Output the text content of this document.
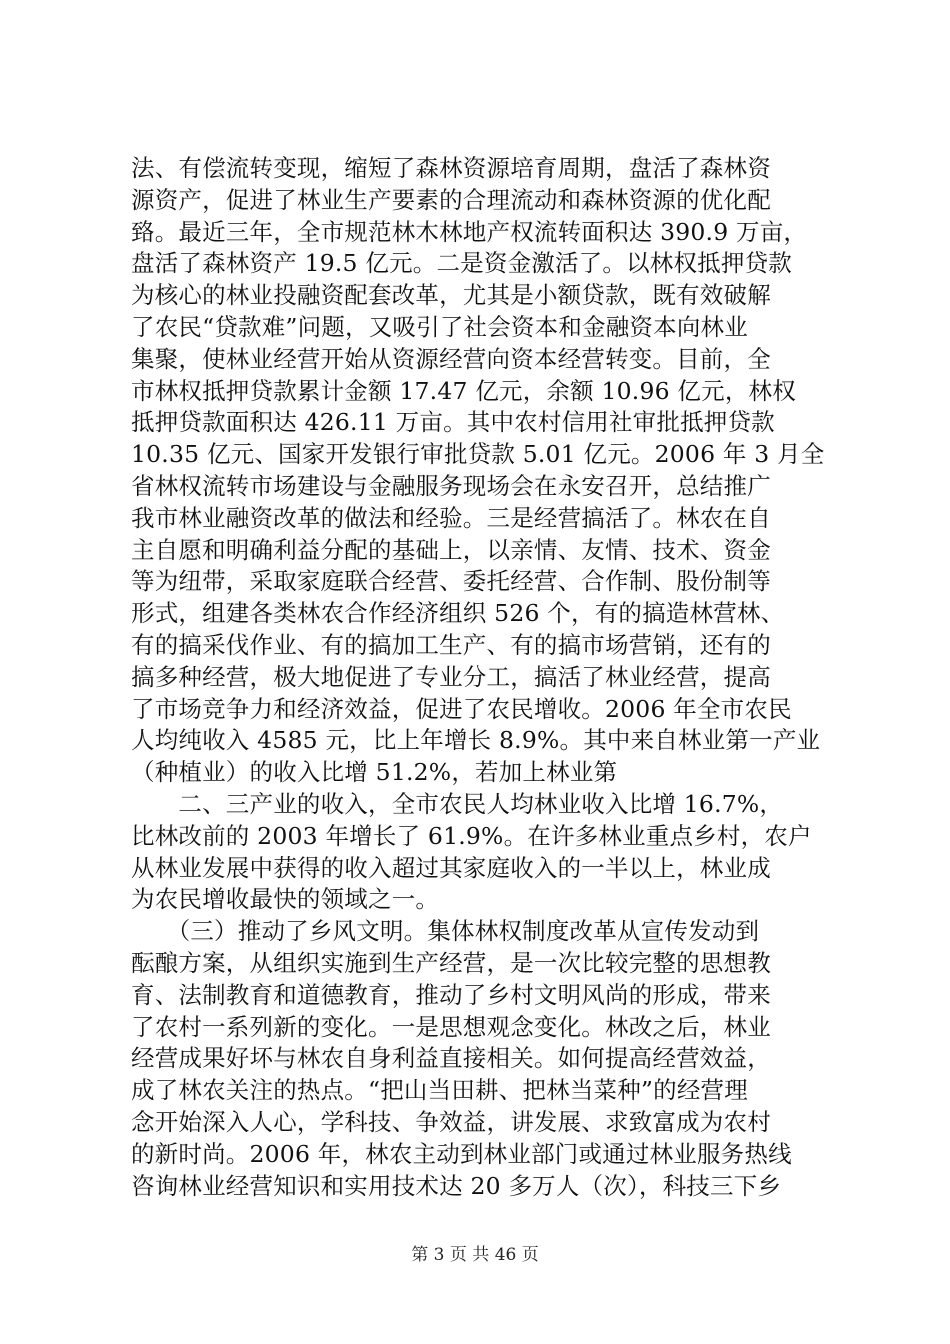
法、有偿流转变现，缩短了森林资源培育周期，盘活了森林资
源资产，促进了林业生产要素的合理流动和森林资源的优化配
臵。最近三年，全市规范林木林地产权流转面积达 390.9 万亩，
盘活了森林资产 19.5 亿元。二是资金激活了。以林权抵押贷款
为核心的林业投融资配套改革，尤其是小额贷款，既有效破解
了农民“贷款难”问题，又吸引了社会资本和金融资本向林业
集聚，使林业经营开始从资源经营向资本经营转变。目前，全
市林权抵押贷款累计金额 17.47 亿元，余额 10.96 亿元，林权
抵押贷款面积达 426.11 万亩。其中农村信用社审批抵押贷款
10.35 亿元、国家开发银行审批贷款 5.01 亿元。2006 年 3 月全
省林权流转市场建设与金融服务现场会在永安召开，总结推广
我市林业融资改革的做法和经验。三是经营搞活了。林农在自
主自愿和明确利益分配的基础上，以亲情、友情、技术、资金
等为纽带，采取家庭联合经营、委托经营、合作制、股份制等
形式，组建各类林农合作经济组织 526 个，有的搞造林营林、
有的搞采伐作业、有的搞加工生产、有的搞市场营销，还有的
搞多种经营，极大地促进了专业分工，搞活了林业经营，提高
了市场竞争力和经济效益，促进了农民增收。2006 年全市农民
人均纯收入 4585 元，比上年增长 8.9%。其中来自林业第一产业
（种植业）的收入比增 51.2%，若加上林业第
　　二、三产业的收入，全市农民人均林业收入比增 16.7%，
比林改前的 2003 年增长了 61.9%。在许多林业重点乡村，农户
从林业发展中获得的收入超过其家庭收入的一半以上，林业成
为农民增收最快的领域之一。
　　（三）推动了乡风文明。集体林权制度改革从宣传发动到
酝酿方案，从组织实施到生产经营，是一次比较完整的思想教
育、法制教育和道德教育，推动了乡村文明风尚的形成，带来
了农村一系列新的变化。一是思想观念变化。林改之后，林业
经营成果好坏与林农自身利益直接相关。如何提高经营效益，
成了林农关注的热点。“把山当田耕、把林当菜种”的经营理
念开始深入人心，学科技、争效益，讲发展、求致富成为农村
的新时尚。2006 年，林农主动到林业部门或通过林业服务热线
咨询林业经营知识和实用技术达 20 多万人（次），科技三下乡
第 3 页 共 46 页
